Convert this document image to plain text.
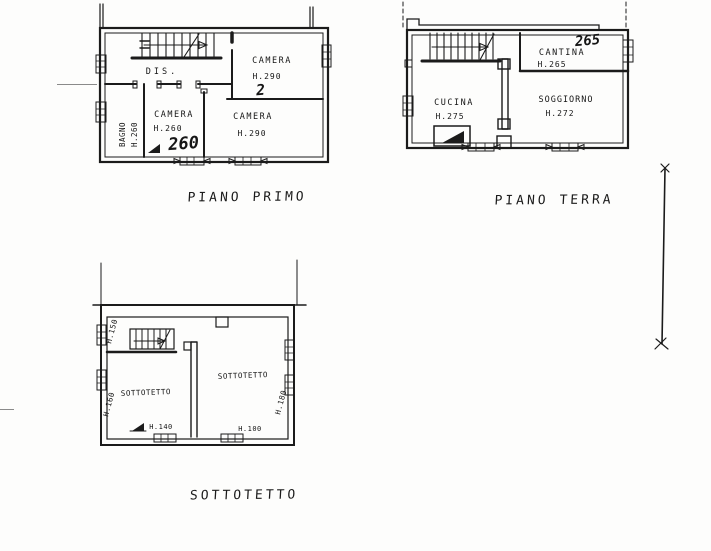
DIS.
CAMERA
H.290
2
BAGNO H.260
CAMERA
H.260
260
CAMERA
H.290
PIANO PRIMO
CANTINA
H.265
265
CUCINA
H.275
SOGGIORNO
H.272
PIANO TERRA
H.150
H.160	H.180
H.140	H.100
SOTTOTETTO
SOTTOTETTO
SOTTOTETTO
